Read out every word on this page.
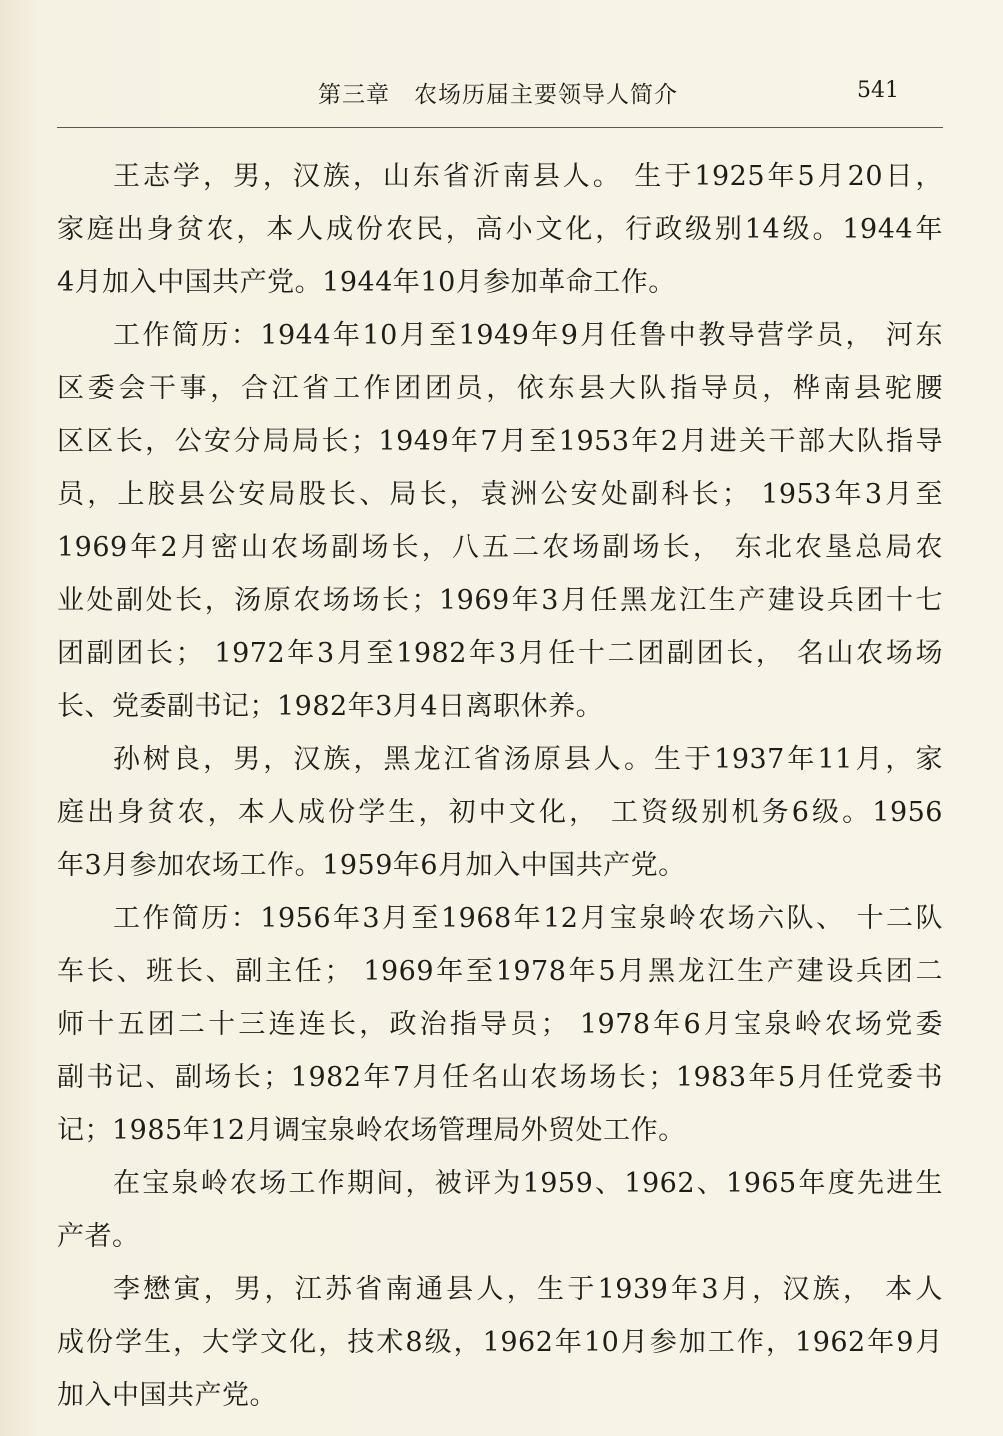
第三章　农场历届主要领导人简介	541
王志学，男，汉族，山东省沂南县人。 生于1925年5月20日，
家庭出身贫农，本人成份农民，高小文化，行政级别14级。1944年
4月加入中国共产党。1944年10月参加革命工作。
工作简历：1944年10月至1949年9月任鲁中教导营学员， 河东
区委会干事，合江省工作团团员，依东县大队指导员，桦南县驼腰
区区长，公安分局局长；1949年7月至1953年2月进关干部大队指导
员，上胶县公安局股长、局长，袁洲公安处副科长； 1953年3月至
1969年2月密山农场副场长，八五二农场副场长， 东北农垦总局农
业处副处长，汤原农场场长；1969年3月任黑龙江生产建设兵团十七
团副团长； 1972年3月至1982年3月任十二团副团长， 名山农场场
长、党委副书记；1982年3月4日离职休养。
孙树良，男，汉族，黑龙江省汤原县人。生于1937年11月，家
庭出身贫农，本人成份学生，初中文化， 工资级别机务6级。1956
年3月参加农场工作。1959年6月加入中国共产党。
工作简历：1956年3月至1968年12月宝泉岭农场六队、 十二队
车长、班长、副主任； 1969年至1978年5月黑龙江生产建设兵团二
师十五团二十三连连长，政治指导员； 1978年6月宝泉岭农场党委
副书记、副场长；1982年7月任名山农场场长；1983年5月任党委书
记；1985年12月调宝泉岭农场管理局外贸处工作。
在宝泉岭农场工作期间，被评为1959、1962、1965年度先进生
产者。
李懋寅，男，江苏省南通县人，生于1939年3月，汉族， 本人
成份学生，大学文化，技术8级，1962年10月参加工作，1962年9月
加入中国共产党。
